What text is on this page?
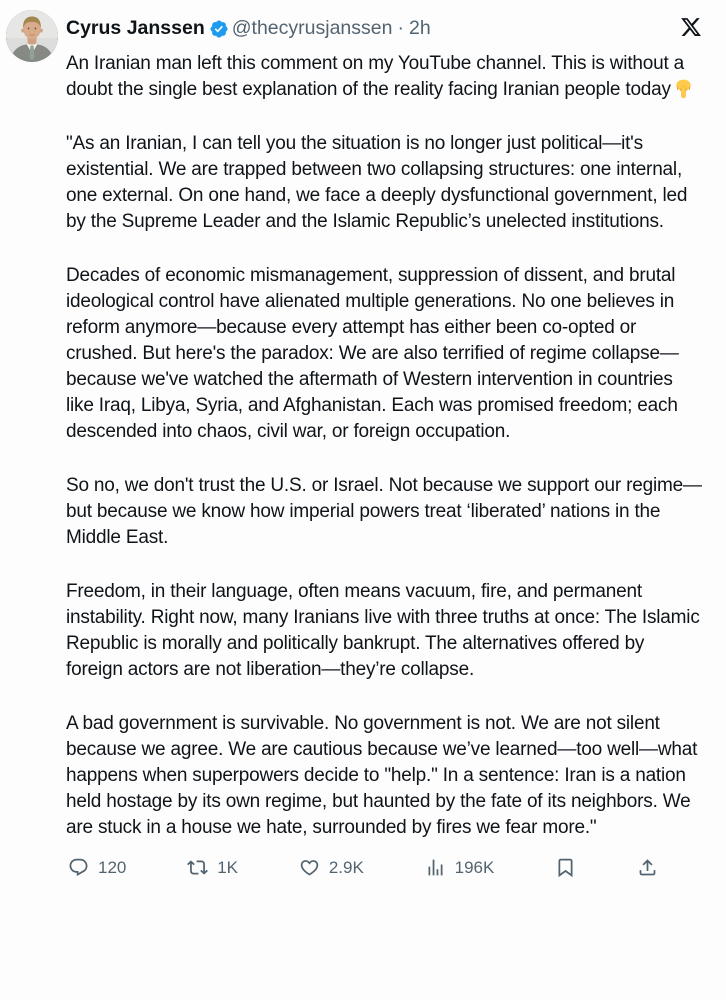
Cyrus Janssen @thecyrusjanssen · 2h

An Iranian man left this comment on my YouTube channel. This is without a doubt the single best explanation of the reality facing Iranian people today

"As an Iranian, I can tell you the situation is no longer just political—it's existential. We are trapped between two collapsing structures: one internal, one external. On one hand, we face a deeply dysfunctional government, led by the Supreme Leader and the Islamic Republic’s unelected institutions.

Decades of economic mismanagement, suppression of dissent, and brutal ideological control have alienated multiple generations. No one believes in reform anymore—because every attempt has either been co-opted or crushed. But here's the paradox: We are also terrified of regime collapse—because we've watched the aftermath of Western intervention in countries like Iraq, Libya, Syria, and Afghanistan. Each was promised freedom; each descended into chaos, civil war, or foreign occupation.

So no, we don't trust the U.S. or Israel. Not because we support our regime—but because we know how imperial powers treat ‘liberated’ nations in the Middle East.

Freedom, in their language, often means vacuum, fire, and permanent instability. Right now, many Iranians live with three truths at once: The Islamic Republic is morally and politically bankrupt. The alternatives offered by foreign actors are not liberation—they’re collapse.

A bad government is survivable. No government is not. We are not silent because we agree. We are cautious because we’ve learned—too well—what happens when superpowers decide to "help." In a sentence: Iran is a nation held hostage by its own regime, but haunted by the fate of its neighbors. We are stuck in a house we hate, surrounded by fires we fear more."

120	1K	2.9K	196K
